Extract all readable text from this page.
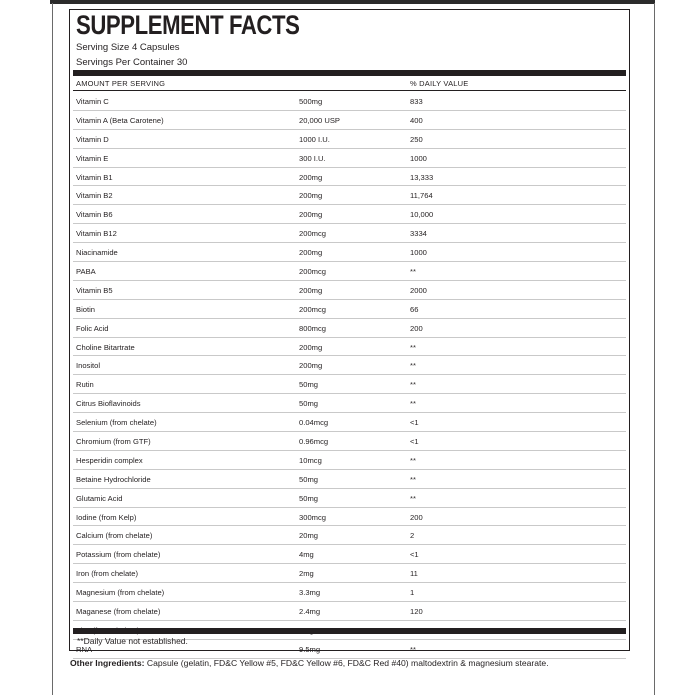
SUPPLEMENT FACTS
Serving Size 4 Capsules
Servings Per Container 30
AMOUNT PER SERVING	% DAILY VALUE
Vitamin C	500mg	833
Vitamin A (Beta Carotene)	20,000 USP	400
Vitamin D	1000 I.U.	250
Vitamin E	300 I.U.	1000
Vitamin B1	200mg	13,333
Vitamin B2	200mg	11,764
Vitamin B6	200mg	10,000
Vitamin B12	200mcg	3334
Niacinamide	200mg	1000
PABA	200mcg	**
Vitamin B5	200mg	2000
Biotin	200mcg	66
Folic Acid	800mcg	200
Choline Bitartrate	200mg	**
Inositol	200mg	**
Rutin	50mg	**
Citrus Bioflavinoids	50mg	**
Selenium (from chelate)	0.04mcg	<1
Chromium (from GTF)	0.96mcg	<1
Hesperidin complex	10mcg	**
Betaine Hydrochloride	50mg	**
Glutamic Acid	50mg	**
Iodine (from Kelp)	300mcg	200
Calcium (from chelate)	20mg	2
Potassium (from chelate)	4mg	<1
Iron (from chelate)	2mg	11
Magnesium (from chelate)	3.3mg	1
Maganese (from chelate)	2.4mg	120
RNA	9.5mg	**
**Daily Value not established.
Other Ingredients: Capsule (gelatin, FD&C Yellow #5, FD&C Yellow #6, FD&C Red #40) maltodextrin & magnesium stearate.
